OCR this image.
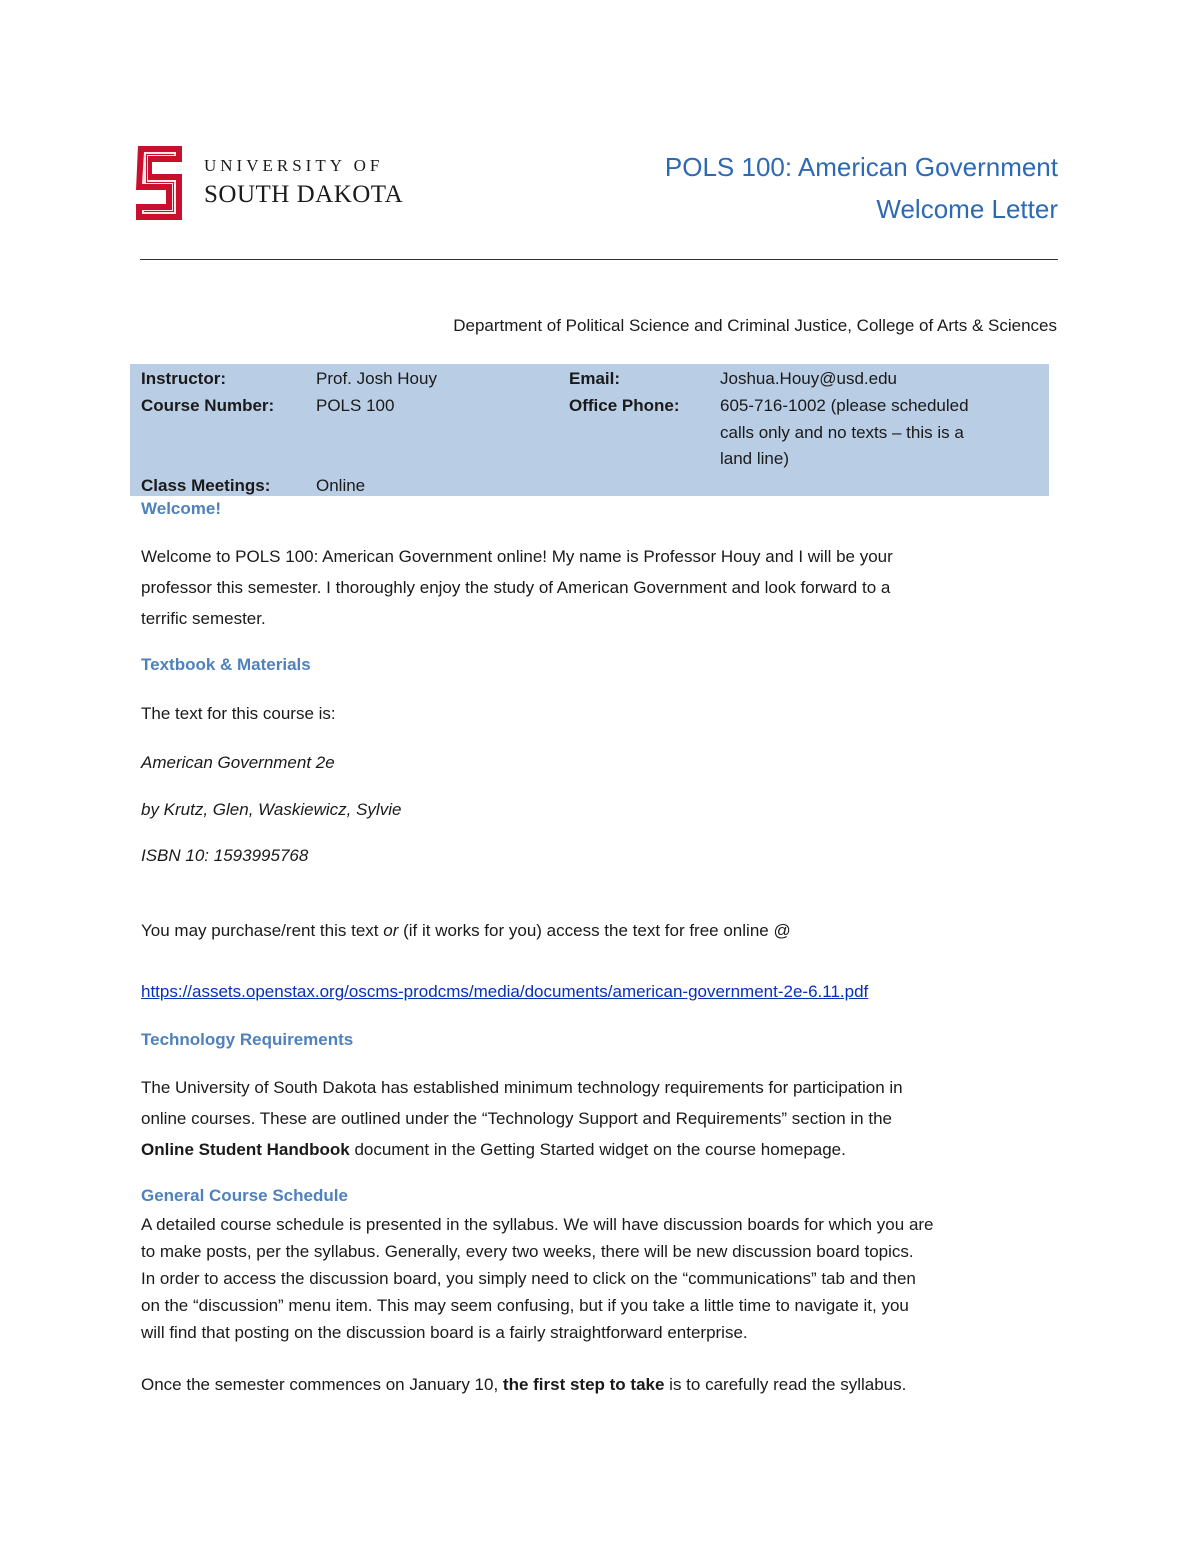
UNIVERSITY OF
SOUTH DAKOTA
POLS 100: American Government
Welcome Letter
Department of Political Science and Criminal Justice, College of Arts & Sciences
Instructor:	Prof. Josh Houy	Email:	Joshua.Houy@usd.edu
Course Number: POLS 100	Office Phone: 605-716-1002 (please scheduled
calls only and no texts – this is a
land line)
Class Meetings:	Online
Welcome!
Welcome to POLS 100: American Government online! My name is Professor Houy and I will be your
professor this semester. I thoroughly enjoy the study of American Government and look forward to a
terrific semester.
Textbook & Materials
The text for this course is:
American Government 2e
by Krutz, Glen, Waskiewicz, Sylvie
ISBN 10: 1593995768
You may purchase/rent this text or (if it works for you) access the text for free online @
https://assets.openstax.org/oscms-prodcms/media/documents/american-government-2e-6.11.pdf
Technology Requirements
The University of South Dakota has established minimum technology requirements for participation in
online courses. These are outlined under the “Technology Support and Requirements” section in the
Online Student Handbook document in the Getting Started widget on the course homepage.
General Course Schedule
A detailed course schedule is presented in the syllabus. We will have discussion boards for which you are
to make posts, per the syllabus. Generally, every two weeks, there will be new discussion board topics.
In order to access the discussion board, you simply need to click on the “communications” tab and then
on the “discussion” menu item. This may seem confusing, but if you take a little time to navigate it, you
will find that posting on the discussion board is a fairly straightforward enterprise.
Once the semester commences on January 10, the first step to take is to carefully read the syllabus.
